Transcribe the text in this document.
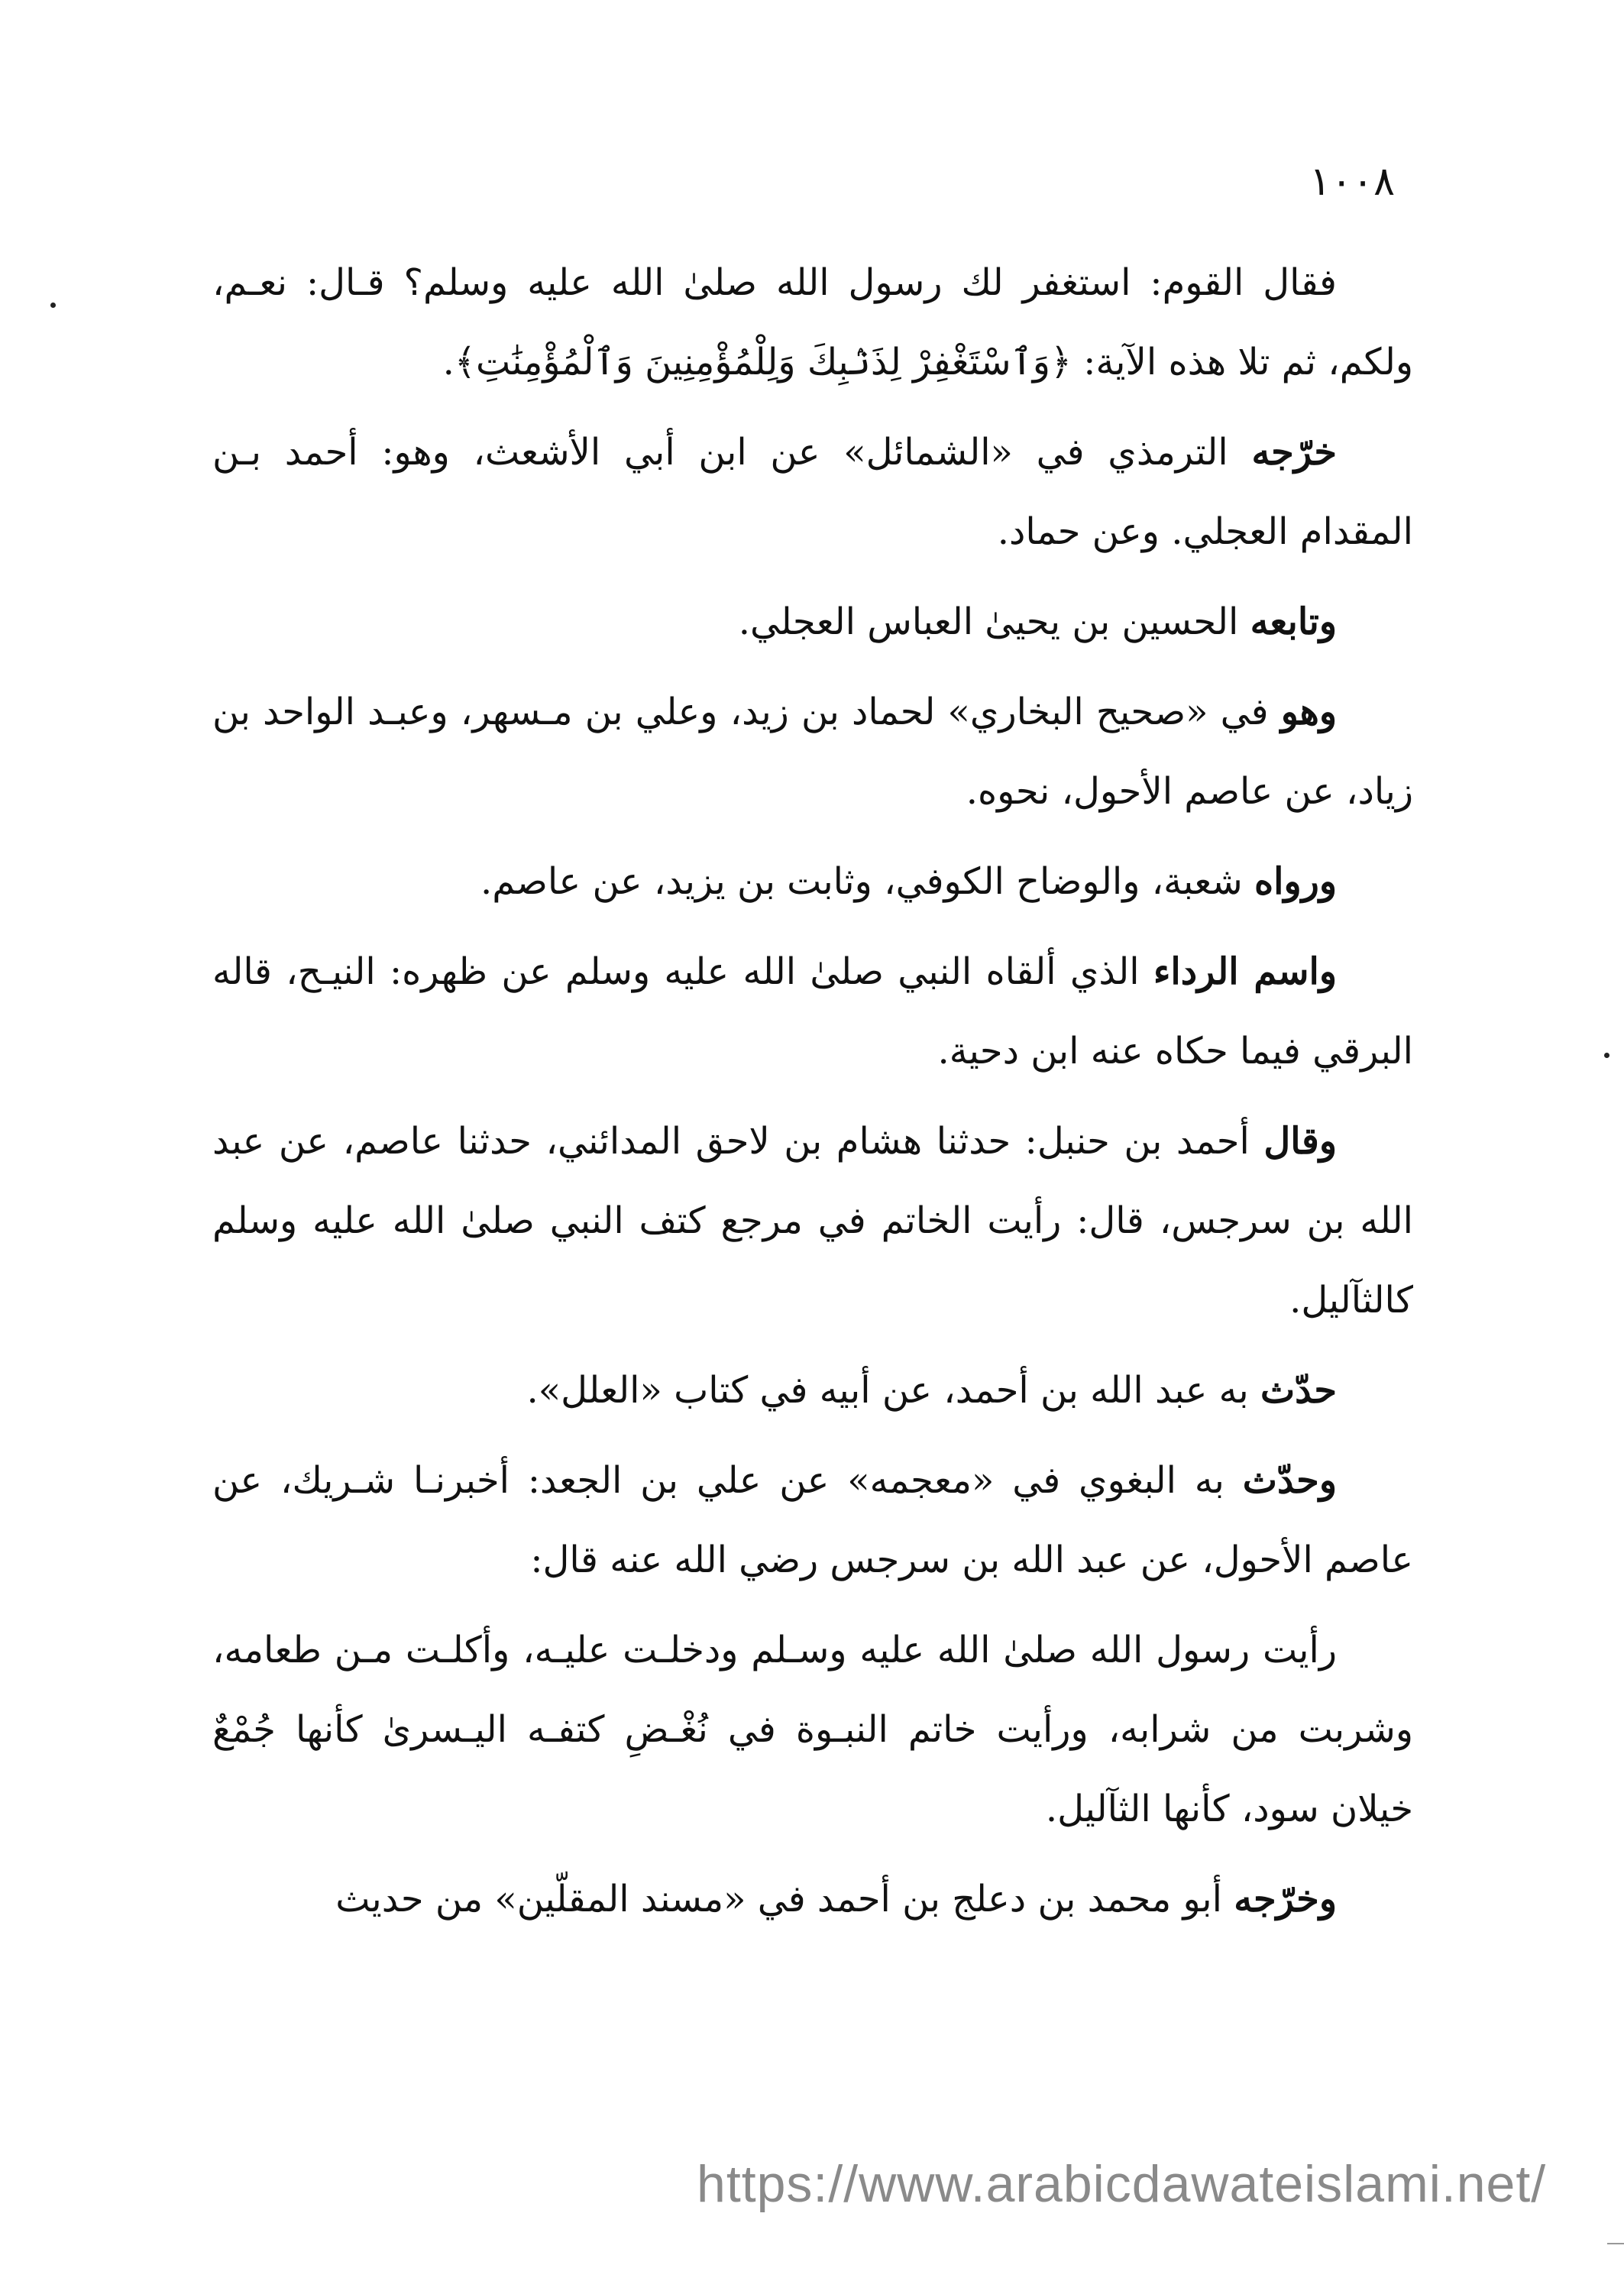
١٠٠٨

فقال القوم: استغفر لك رسول الله صلىٰ الله عليه وسلم؟ قـال: نعـم، ولكم، ثم تلا هذه الآية: ﴿وَٱسْتَغْفِرْ لِذَنۢبِكَ وَلِلْمُؤْمِنِينَ وَٱلْمُؤْمِنَٰتِ﴾.

خرّجه الترمذي في «الشمائل» عن ابن أبي الأشعث، وهو: أحمد بـن المقدام العجلي. وعن حماد.

وتابعه الحسين بن يحيىٰ العباس العجلي.

وهو في «صحيح البخاري» لحماد بن زيد، وعلي بن مـسهر، وعبـد الواحد بن زياد، عن عاصم الأحول، نحوه.

ورواه شعبة، والوضاح الكوفي، وثابت بن يزيد، عن عاصم.

واسم الرداء الذي ألقاه النبي صلىٰ الله عليه وسلم عن ظهره: النيـح، قاله البرقي فيما حكاه عنه ابن دحية.

وقال أحمد بن حنبل: حدثنا هشام بن لاحق المدائني، حدثنا عاصم، عن عبد الله بن سرجس، قال: رأيت الخاتم في مرجع كتف النبي صلىٰ الله عليه وسلم كالثآليل.

حدّث به عبد الله بن أحمد، عن أبيه في كتاب «العلل».

وحدّث به البغوي في «معجمه» عن علي بن الجعد: أخبرنـا شـريك، عن عاصم الأحول، عن عبد الله بن سرجس رضي الله عنه قال:

رأيت رسول الله صلىٰ الله عليه وسـلم ودخلـت عليـه، وأكلـت مـن طعامه، وشربت من شرابه، ورأيت خاتم النبـوة في نُغْـضِ كتفـه اليـسرىٰ كأنها جُمْعٌ خيلان سود، كأنها الثآليل.

وخرّجه أبو محمد بن دعلج بن أحمد في «مسند المقلّين» من حديث

https://www.arabicdawateislami.net/
